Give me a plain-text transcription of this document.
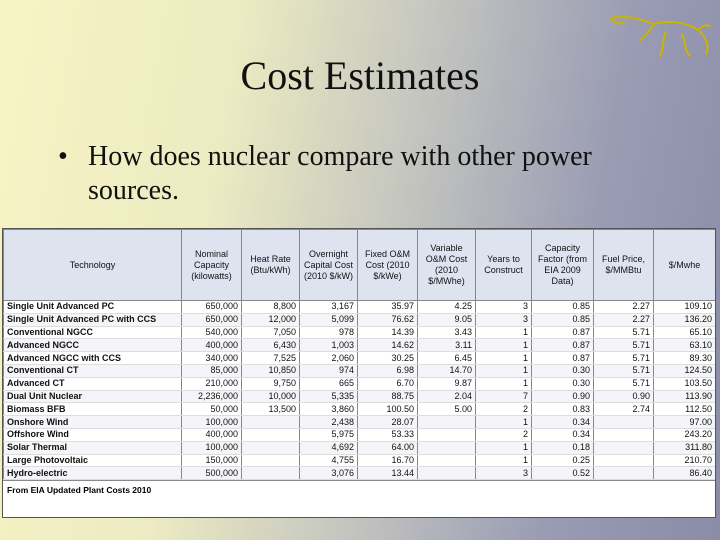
Cost Estimates
• How does nuclear compare with other power sources.
Technology	Nominal Capacity (kilowatts)	Heat Rate (Btu/kWh)	Overnight Capital Cost (2010 $/kW)	Fixed O&M Cost (2010 $/kWe)	Variable O&M Cost (2010 $/MWhe)	Years to Construct	Capacity Factor (from EIA 2009 Data)	Fuel Price, $/MMBtu	$/Mwhe
Single Unit Advanced PC	650,000	8,800	3,167	35.97	4.25	3	0.85	2.27	109.10
Single Unit Advanced PC with CCS	650,000	12,000	5,099	76.62	9.05	3	0.85	2.27	136.20
Conventional NGCC	540,000	7,050	978	14.39	3.43	1	0.87	5.71	65.10
Advanced NGCC	400,000	6,430	1,003	14.62	3.11	1	0.87	5.71	63.10
Advanced NGCC with CCS	340,000	7,525	2,060	30.25	6.45	1	0.87	5.71	89.30
Conventional CT	85,000	10,850	974	6.98	14.70	1	0.30	5.71	124.50
Advanced CT	210,000	9,750	665	6.70	9.87	1	0.30	5.71	103.50
Dual Unit Nuclear	2,236,000	10,000	5,335	88.75	2.04	7	0.90	0.90	113.90
Biomass BFB	50,000	13,500	3,860	100.50	5.00	2	0.83	2.74	112.50
Onshore Wind	100,000		2,438	28.07		1	0.34		97.00
Offshore Wind	400,000		5,975	53.33		2	0.34		243.20
Solar Thermal	100,000		4,692	64.00		1	0.18		311.80
Large Photovoltaic	150,000		4,755	16.70		1	0.25		210.70
Hydro-electric	500,000		3,076	13.44		3	0.52		86.40
From EIA Updated Plant Costs 2010
